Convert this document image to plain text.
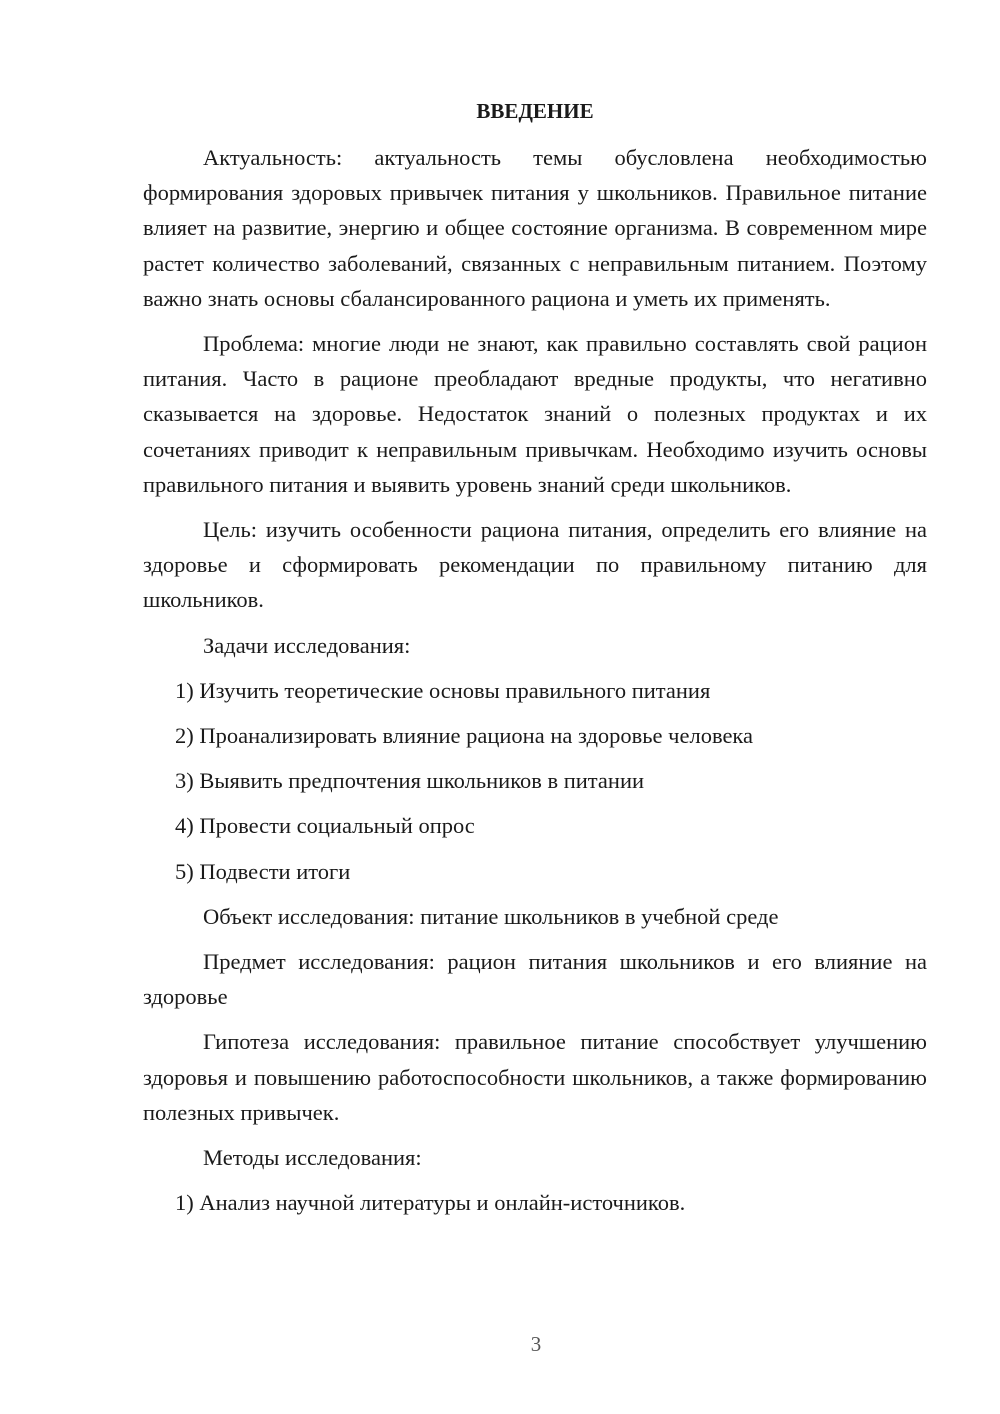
ВВЕДЕНИЕ

Актуальность: актуальность темы обусловлена необходимостью формирования здоровых привычек питания у школьников. Правильное питание влияет на развитие, энергию и общее состояние организма. В современном мире растет количество заболеваний, связанных с неправильным питанием. Поэтому важно знать основы сбалансированного рациона и уметь их применять.

Проблема: многие люди не знают, как правильно составлять свой рацион питания. Часто в рационе преобладают вредные продукты, что негативно сказывается на здоровье. Недостаток знаний о полезных продуктах и их сочетаниях приводит к неправильным привычкам. Необходимо изучить основы правильного питания и выявить уровень знаний среди школьников.

Цель: изучить особенности рациона питания, определить его влияние на здоровье и сформировать рекомендации по правильному питанию для школьников.

Задачи исследования:

1) Изучить теоретические основы правильного питания

2) Проанализировать влияние рациона на здоровье человека

3) Выявить предпочтения школьников в питании

4) Провести социальный опрос

5) Подвести итоги

Объект исследования: питание школьников в учебной среде

Предмет исследования: рацион питания школьников и его влияние на здоровье

Гипотеза исследования: правильное питание способствует улучшению здоровья и повышению работоспособности школьников, а также формированию полезных привычек.

Методы исследования:

1) Анализ научной литературы и онлайн-источников.

3
